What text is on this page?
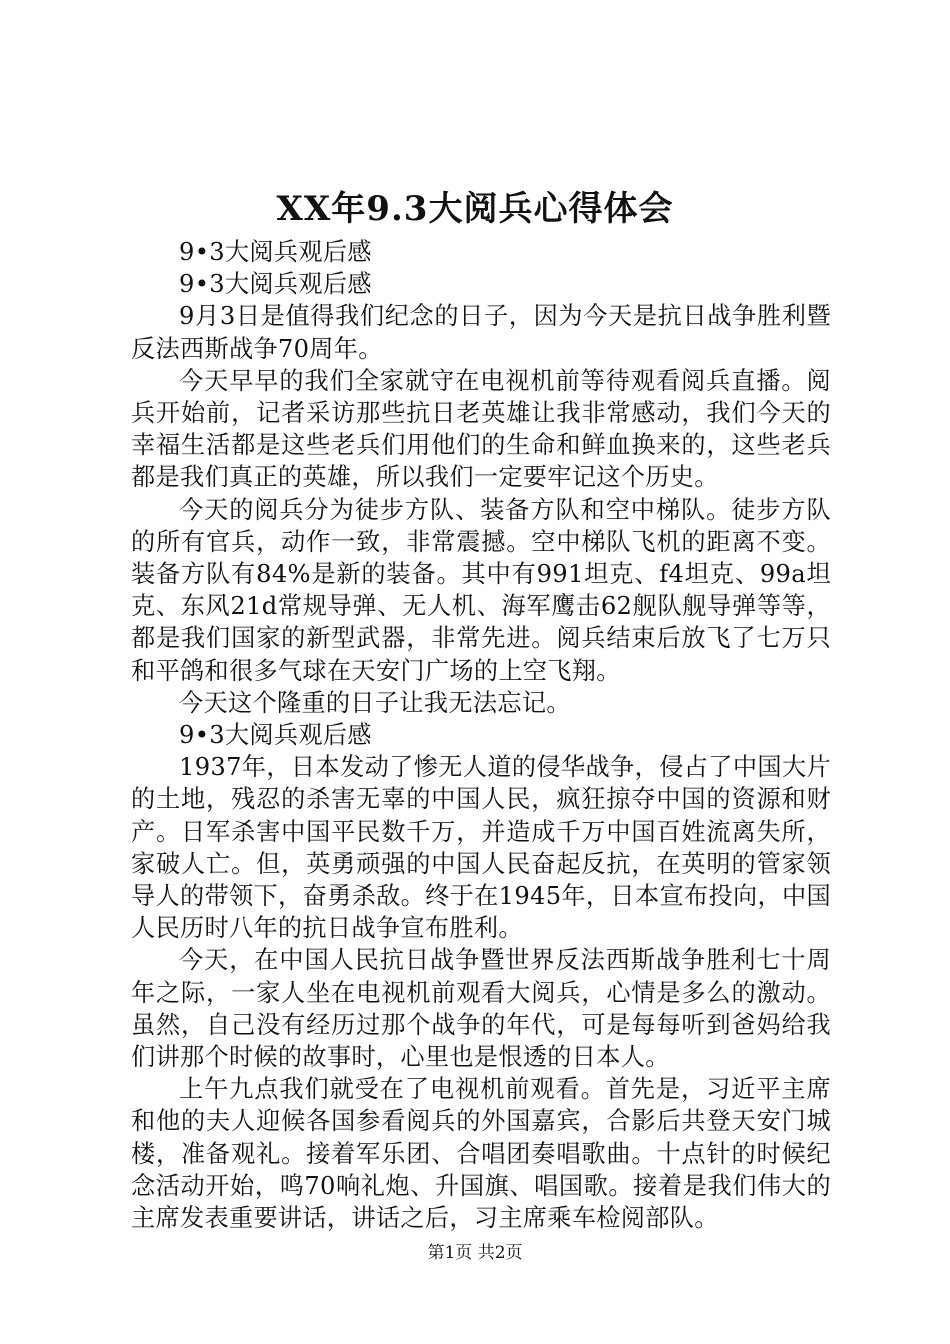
XX年9.3大阅兵心得体会

9•3大阅兵观后感

9•3大阅兵观后感

9月3日是值得我们纪念的日子，因为今天是抗日战争胜利暨反法西斯战争70周年。

今天早早的我们全家就守在电视机前等待观看阅兵直播。阅兵开始前，记者采访那些抗日老英雄让我非常感动，我们今天的幸福生活都是这些老兵们用他们的生命和鲜血换来的，这些老兵都是我们真正的英雄，所以我们一定要牢记这个历史。

今天的阅兵分为徒步方队、装备方队和空中梯队。徒步方队的所有官兵，动作一致，非常震撼。空中梯队飞机的距离不变。装备方队有84%是新的装备。其中有991坦克、f4坦克、99a坦克、东风21d常规导弹、无人机、海军鹰击62舰队舰导弹等等，都是我们国家的新型武器，非常先进。阅兵结束后放飞了七万只和平鸽和很多气球在天安门广场的上空飞翔。

今天这个隆重的日子让我无法忘记。

9•3大阅兵观后感

1937年，日本发动了惨无人道的侵华战争，侵占了中国大片的土地，残忍的杀害无辜的中国人民，疯狂掠夺中国的资源和财产。日军杀害中国平民数千万，并造成千万中国百姓流离失所，家破人亡。但，英勇顽强的中国人民奋起反抗，在英明的管家领导人的带领下，奋勇杀敌。终于在1945年，日本宣布投向，中国人民历时八年的抗日战争宣布胜利。

今天，在中国人民抗日战争暨世界反法西斯战争胜利七十周年之际，一家人坐在电视机前观看大阅兵，心情是多么的激动。虽然，自己没有经历过那个战争的年代，可是每每听到爸妈给我们讲那个时候的故事时，心里也是恨透的日本人。

上午九点我们就受在了电视机前观看。首先是，习近平主席和他的夫人迎候各国参看阅兵的外国嘉宾，合影后共登天安门城楼，准备观礼。接着军乐团、合唱团奏唱歌曲。十点针的时候纪念活动开始，鸣70响礼炮、升国旗、唱国歌。接着是我们伟大的主席发表重要讲话，讲话之后，习主席乘车检阅部队。

第1页 共2页
